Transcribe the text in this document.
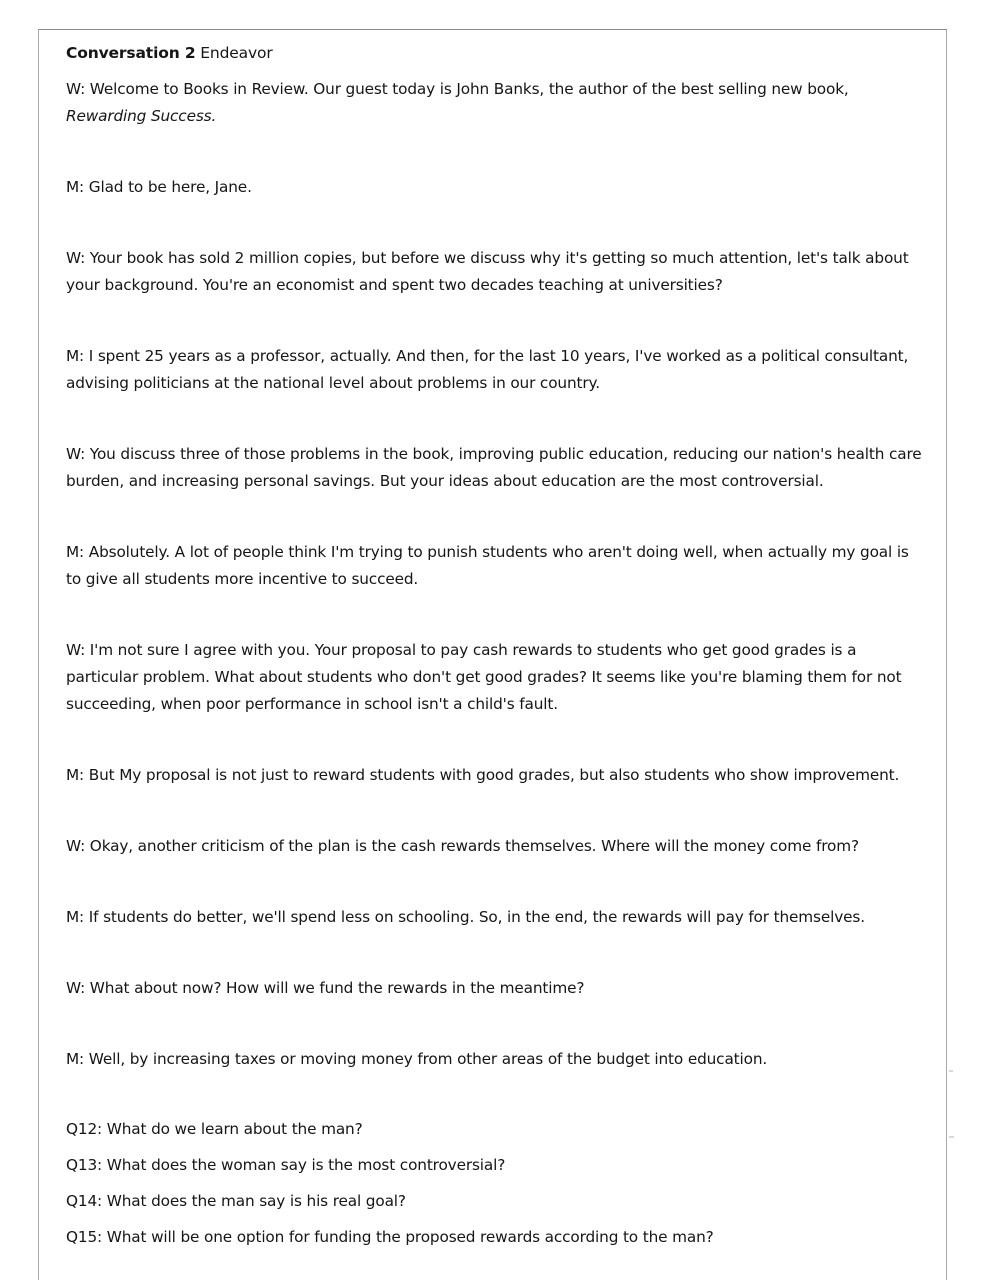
Conversation 2 Endeavor

W: Welcome to Books in Review. Our guest today is John Banks, the author of the best selling new book, Rewarding Success.

M: Glad to be here, Jane.

W: Your book has sold 2 million copies, but before we discuss why it's getting so much attention, let's talk about your background. You're an economist and spent two decades teaching at universities?

M: I spent 25 years as a professor, actually. And then, for the last 10 years, I've worked as a political consultant, advising politicians at the national level about problems in our country.

W: You discuss three of those problems in the book, improving public education, reducing our nation's health care burden, and increasing personal savings. But your ideas about education are the most controversial.

M: Absolutely. A lot of people think I'm trying to punish students who aren't doing well, when actually my goal is to give all students more incentive to succeed.

W: I'm not sure I agree with you. Your proposal to pay cash rewards to students who get good grades is a particular problem. What about students who don't get good grades? It seems like you're blaming them for not succeeding, when poor performance in school isn't a child's fault.

M: But My proposal is not just to reward students with good grades, but also students who show improvement.

W: Okay, another criticism of the plan is the cash rewards themselves. Where will the money come from?

M: If students do better, we'll spend less on schooling. So, in the end, the rewards will pay for themselves.

W: What about now? How will we fund the rewards in the meantime?

M: Well, by increasing taxes or moving money from other areas of the budget into education.

Q12: What do we learn about the man?

Q13: What does the woman say is the most controversial?

Q14: What does the man say is his real goal?

Q15: What will be one option for funding the proposed rewards according to the man?
